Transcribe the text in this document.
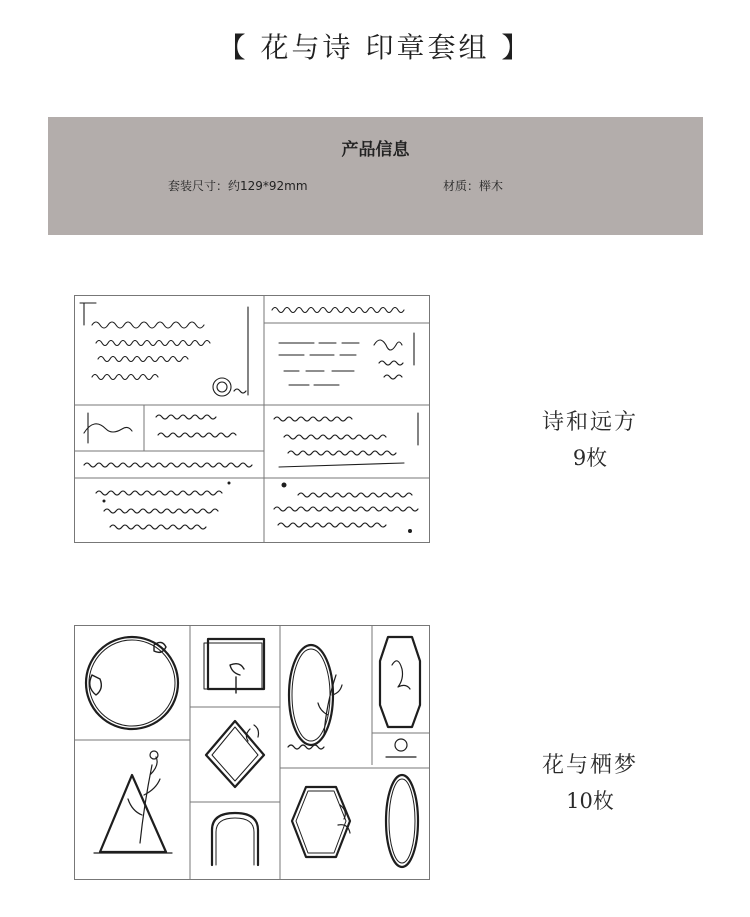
【 花与诗 印章套组 】
产品信息
套装尺寸：约129*92mm	材质：榉木
诗和远方
9枚
花与栖梦
10枚
